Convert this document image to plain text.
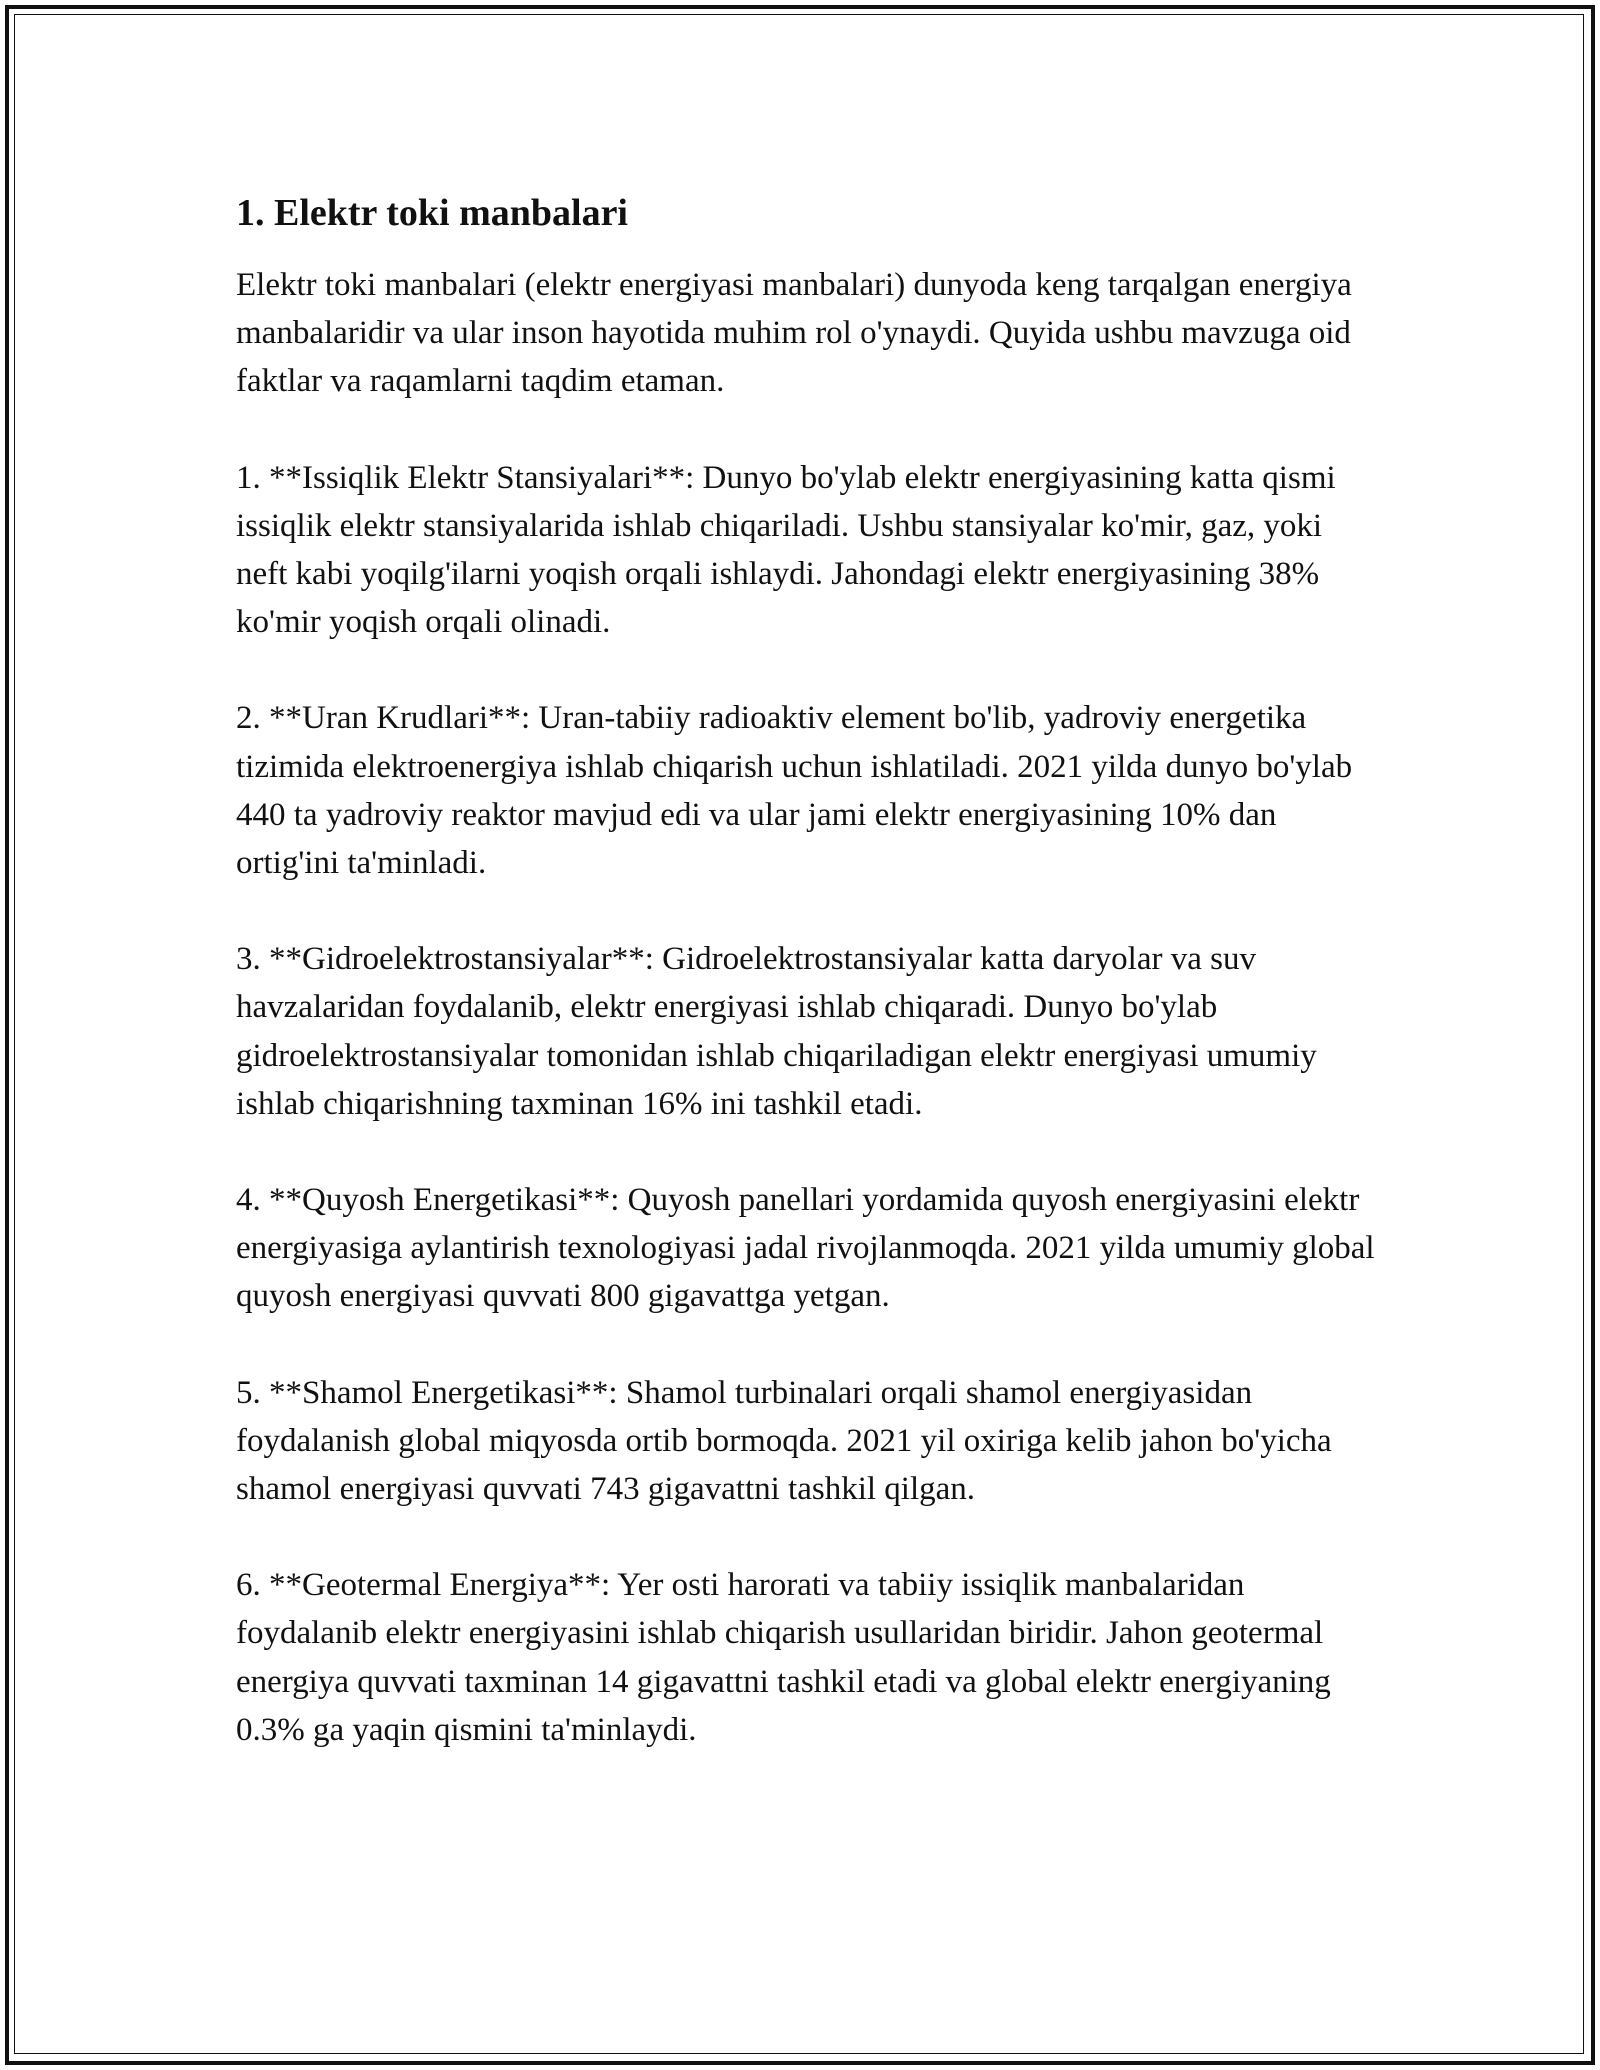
1. Elektr toki manbalari

Elektr toki manbalari (elektr energiyasi manbalari) dunyoda keng tarqalgan energiya manbalaridir va ular inson hayotida muhim rol o'ynaydi. Quyida ushbu mavzuga oid faktlar va raqamlarni taqdim etaman.

1. **Issiqlik Elektr Stansiyalari**: Dunyo bo'ylab elektr energiyasining katta qismi issiqlik elektr stansiyalarida ishlab chiqariladi. Ushbu stansiyalar ko'mir, gaz, yoki neft kabi yoqilg'ilarni yoqish orqali ishlaydi. Jahondagi elektr energiyasining 38% ko'mir yoqish orqali olinadi.

2. **Uran Krudlari**: Uran-tabiiy radioaktiv element bo'lib, yadroviy energetika tizimida elektroenergiya ishlab chiqarish uchun ishlatiladi. 2021 yilda dunyo bo'ylab 440 ta yadroviy reaktor mavjud edi va ular jami elektr energiyasining 10% dan ortig'ini ta'minladi.

3. **Gidroelektrostansiyalar**: Gidroelektrostansiyalar katta daryolar va suv havzalaridan foydalanib, elektr energiyasi ishlab chiqaradi. Dunyo bo'ylab gidroelektrostansiyalar tomonidan ishlab chiqariladigan elektr energiyasi umumiy ishlab chiqarishning taxminan 16% ini tashkil etadi.

4. **Quyosh Energetikasi**: Quyosh panellari yordamida quyosh energiyasini elektr energiyasiga aylantirish texnologiyasi jadal rivojlanmoqda. 2021 yilda umumiy global quyosh energiyasi quvvati 800 gigavattga yetgan.

5. **Shamol Energetikasi**: Shamol turbinalari orqali shamol energiyasidan foydalanish global miqyosda ortib bormoqda. 2021 yil oxiriga kelib jahon bo'yicha shamol energiyasi quvvati 743 gigavattni tashkil qilgan.

6. **Geotermal Energiya**: Yer osti harorati va tabiiy issiqlik manbalaridan foydalanib elektr energiyasini ishlab chiqarish usullaridan biridir. Jahon geotermal energiya quvvati taxminan 14 gigavattni tashkil etadi va global elektr energiyaning 0.3% ga yaqin qismini ta'minlaydi.
